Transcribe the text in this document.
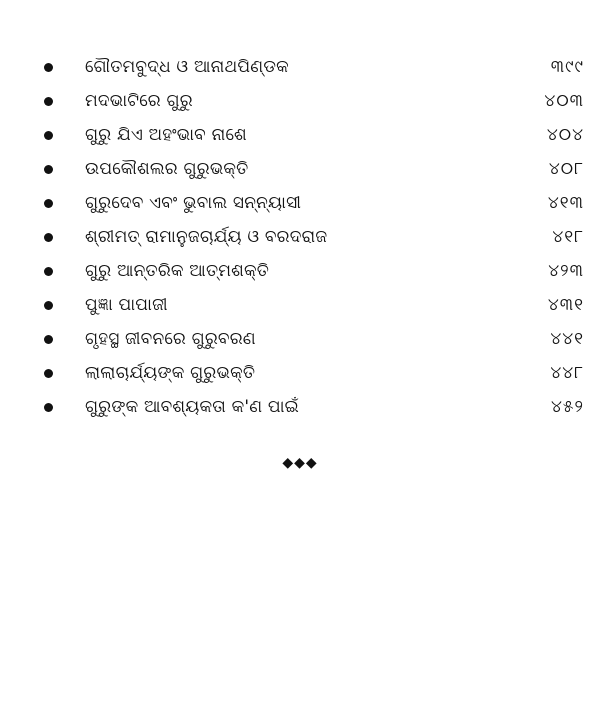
ଗୌତମବୁଦ୍ଧ ଓ ଆନାଥପିଣ୍ଡକ	୩୯୯
ମଦଭାଟିରେ ଗୁରୁ	୪୦୩
ଗୁରୁ ଯିଏ ଅହଂଭାବ ନାଶେ	୪୦୪
ଉପକୌଶଲର ଗୁରୁଭକ୍ତି	୪୦୮
ଗୁରୁଦେବ ଏବଂ ଭୁବାଲ ସନ୍ନ୍ୟାସୀ	୪୧୩
ଶ୍ରୀମତ୍ ରାମାନୁଜଚାର୍ଯ୍ୟ ଓ ବରଦରାଜ	୪୧୮
ଗୁରୁ ଆନ୍ତରିକ ଆତ୍ମଶକ୍ତି	୪୨୩
ପୁଜ୍ଞା ପାପାଜୀ	୪୩୧
ଗୃହସ୍ଥ ଜୀବନରେ ଗୁରୁବରଣ	୪୪୧
ଲାଲାଚାର୍ଯ୍ୟଙ୍କ ଗୁରୁଭକ୍ତି	୪୪୮
ଗୁରୁଙ୍କ ଆବଶ୍ୟକତା କ'ଣ ପାଇଁ	୪୫୨
◆◆◆
